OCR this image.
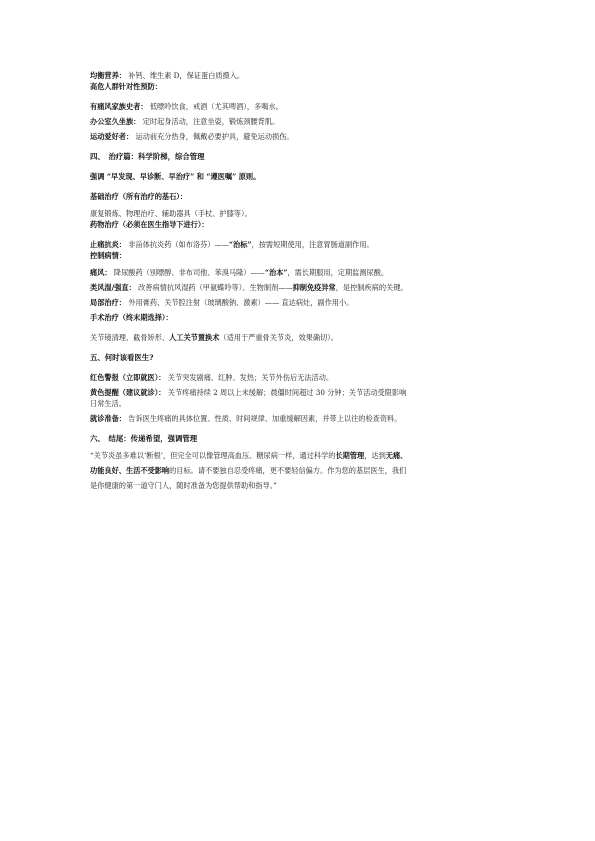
均衡营养： 补钙、维生素 D，保证蛋白质摄入。
高危人群针对性预防：
有痛风家族史者： 低嘌呤饮食，戒酒（尤其啤酒），多喝水。
办公室久坐族： 定时起身活动，注意坐姿，锻炼颈腰背肌。
运动爱好者： 运动前充分热身，佩戴必要护具，避免运动损伤。
四、　治疗篇：科学阶梯，综合管理
强调 “早发现、早诊断、早治疗” 和 “遵医嘱” 原则。
基础治疗（所有治疗的基石）：
康复锻炼、物理治疗、辅助器具（手杖、护膝等）。
药物治疗（必须在医生指导下进行）：
止痛抗炎： 非甾体抗炎药（如布洛芬）——“治标”，按需短期使用，注意胃肠道副作用。
控制病情：
痛风： 降尿酸药（别嘌醇、非布司他、苯溴马隆）——“治本”，需长期服用，定期监测尿酸。
类风湿/强直： 改善病情抗风湿药（甲氨蝶呤等）、生物制剂——抑制免疫异常，是控制疾病的关键。
局部治疗： 外用膏药、关节腔注射（玻璃酸钠、激素）—— 直达病灶，副作用小。
手术治疗（终末期选择）：
关节镜清理、截骨矫形、人工关节置换术（适用于严重骨关节炎，效果确切）。
五、何时该看医生?
红色警报（立即就医）： 关节突发剧痛、红肿、发热；关节外伤后无法活动。
黄色提醒（建议就诊）： 关节疼痛持续 2 周以上未缓解；晨僵时间超过 30 分钟；关节活动受限影响
日常生活。
就诊准备： 告诉医生疼痛的具体位置、性质、时间规律、加重缓解因素，并带上以往的检查资料。
六、　结尾：传递希望，强调管理
“关节炎虽多难以‘断根’，但完全可以像管理高血压、糖尿病一样，通过科学的长期管理，达到无痛、
功能良好、生活不受影响的目标。请不要独自忍受疼痛，更不要轻信偏方。作为您的基层医生，我们
是你健康的第一道守门人，随时准备为您提供帮助和指导。”
